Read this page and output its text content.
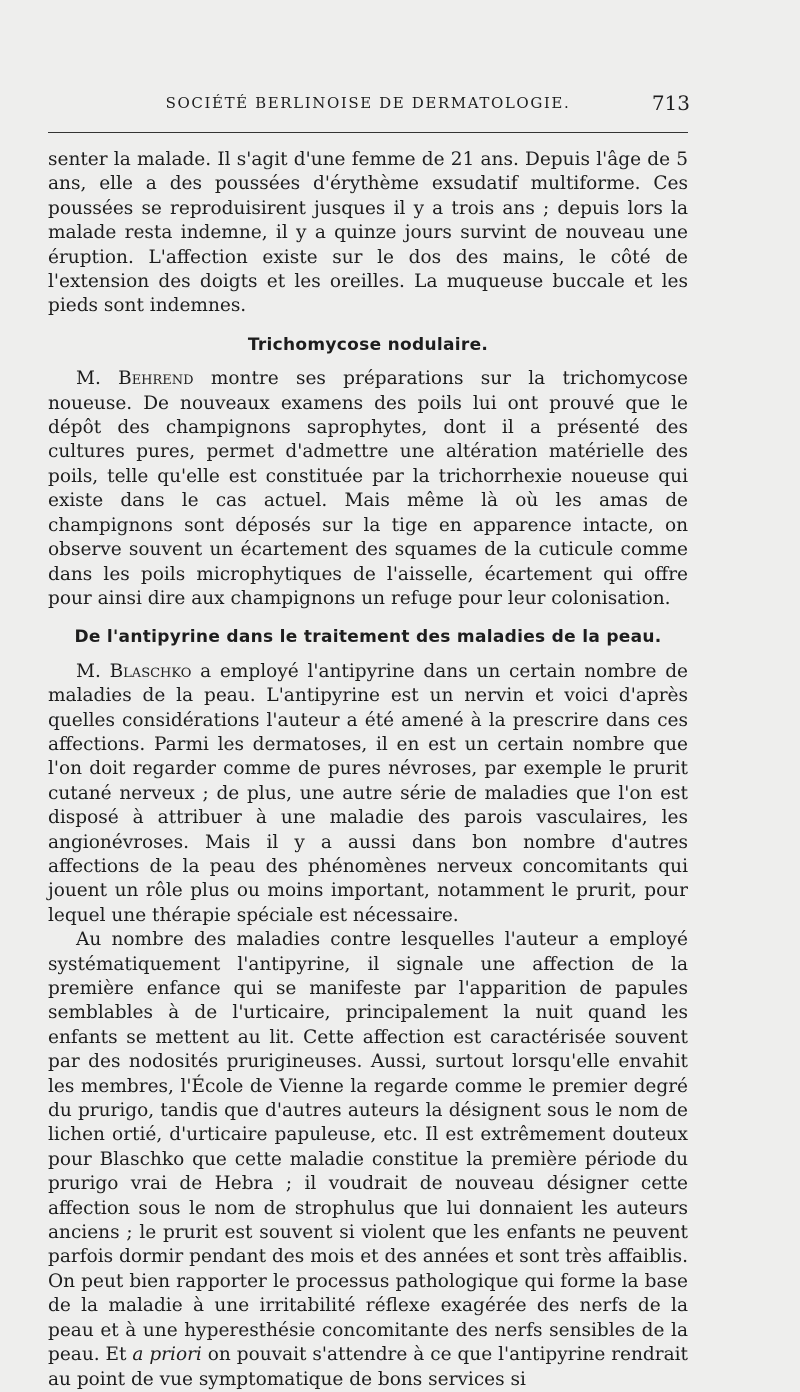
SOCIÉTÉ BERLINOISE DE DERMATOLOGIE.	713

senter la malade. Il s'agit d'une femme de 21 ans. Depuis l'âge de 5 ans, elle a des poussées d'érythème exsudatif multiforme. Ces poussées se reproduisirent jusques il y a trois ans ; depuis lors la malade resta indemne, il y a quinze jours survint de nouveau une éruption. L'affection existe sur le dos des mains, le côté de l'extension des doigts et les oreilles. La muqueuse buccale et les pieds sont indemnes.

Trichomycose nodulaire.

M. Behrend montre ses préparations sur la trichomycose noueuse. De nouveaux examens des poils lui ont prouvé que le dépôt des champignons saprophytes, dont il a présenté des cultures pures, permet d'admettre une altération matérielle des poils, telle qu'elle est constituée par la trichorrhexie noueuse qui existe dans le cas actuel. Mais même là où les amas de champignons sont déposés sur la tige en apparence intacte, on observe souvent un écartement des squames de la cuticule comme dans les poils microphytiques de l'aisselle, écartement qui offre pour ainsi dire aux champignons un refuge pour leur colonisation.

De l'antipyrine dans le traitement des maladies de la peau.

M. Blaschko a employé l'antipyrine dans un certain nombre de maladies de la peau. L'antipyrine est un nervin et voici d'après quelles considérations l'auteur a été amené à la prescrire dans ces affections. Parmi les dermatoses, il en est un certain nombre que l'on doit regarder comme de pures névroses, par exemple le prurit cutané nerveux ; de plus, une autre série de maladies que l'on est disposé à attribuer à une maladie des parois vasculaires, les angionévroses. Mais il y a aussi dans bon nombre d'autres affections de la peau des phénomènes nerveux concomitants qui jouent un rôle plus ou moins important, notamment le prurit, pour lequel une thérapie spéciale est nécessaire.

Au nombre des maladies contre lesquelles l'auteur a employé systématiquement l'antipyrine, il signale une affection de la première enfance qui se manifeste par l'apparition de papules semblables à de l'urticaire, principalement la nuit quand les enfants se mettent au lit. Cette affection est caractérisée souvent par des nodosités prurigineuses. Aussi, surtout lorsqu'elle envahit les membres, l'École de Vienne la regarde comme le premier degré du prurigo, tandis que d'autres auteurs la désignent sous le nom de lichen ortié, d'urticaire papuleuse, etc. Il est extrêmement douteux pour Blaschko que cette maladie constitue la première période du prurigo vrai de Hebra ; il voudrait de nouveau désigner cette affection sous le nom de strophulus que lui donnaient les auteurs anciens ; le prurit est souvent si violent que les enfants ne peuvent parfois dormir pendant des mois et des années et sont très affaiblis. On peut bien rapporter le processus pathologique qui forme la base de la maladie à une irritabilité réflexe exagérée des nerfs de la peau et à une hyperesthésie concomitante des nerfs sensibles de la peau. Et a priori on pouvait s'attendre à ce que l'antipyrine rendrait au point de vue symptomatique de bons services si
